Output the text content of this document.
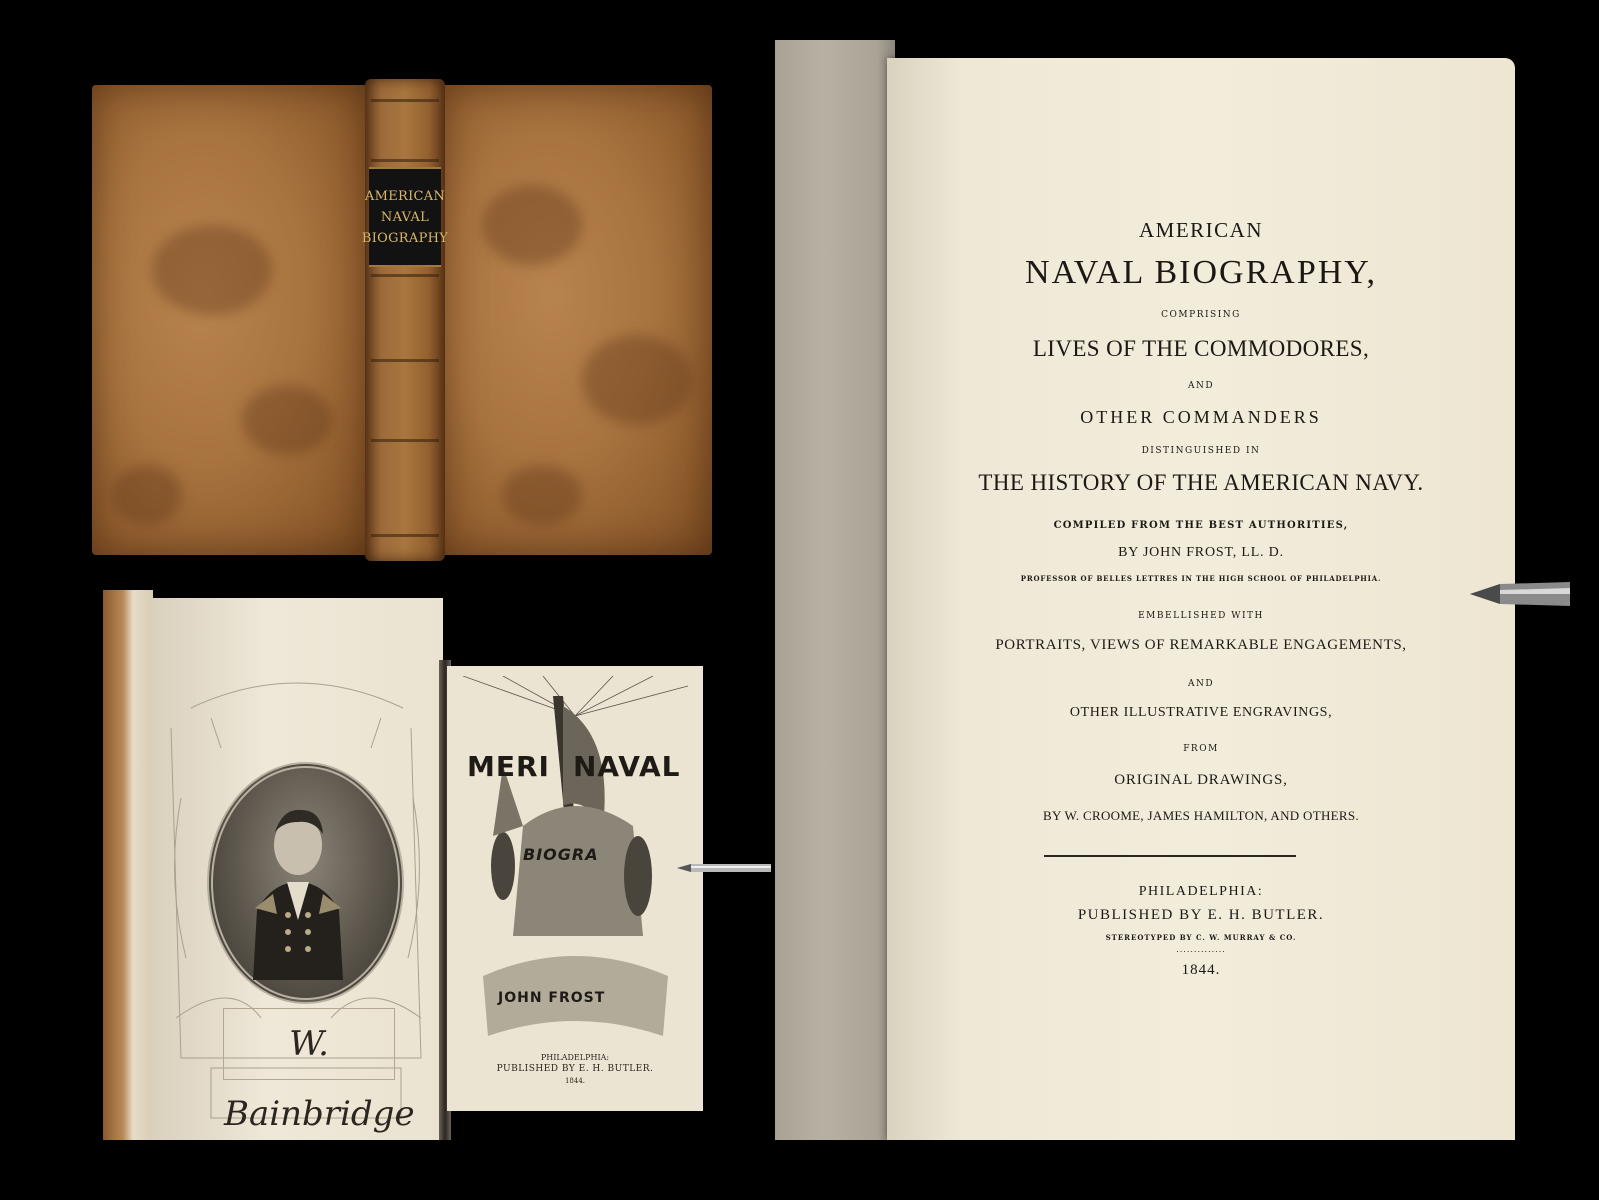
AMERICAN
NAVAL
BIOGRAPHY
W. Bainbridge
MERI NAVAL
BIOGRA
JOHN FROST
PHILADELPHIA:
PUBLISHED BY E. H. BUTLER.
1844.
AMERICAN
NAVAL BIOGRAPHY,
COMPRISING
LIVES OF THE COMMODORES,
AND
OTHER COMMANDERS
DISTINGUISHED IN
THE HISTORY OF THE AMERICAN NAVY.
COMPILED FROM THE BEST AUTHORITIES,
BY JOHN FROST, LL. D.
PROFESSOR OF BELLES LETTRES IN THE HIGH SCHOOL OF PHILADELPHIA.
EMBELLISHED WITH
PORTRAITS, VIEWS OF REMARKABLE ENGAGEMENTS,
AND
OTHER ILLUSTRATIVE ENGRAVINGS,
FROM
ORIGINAL DRAWINGS,
BY W. CROOME, JAMES HAMILTON, AND OTHERS.
PHILADELPHIA:
PUBLISHED BY E. H. BUTLER.
STEREOTYPED BY C. W. MURRAY & CO.
..............
1844.
